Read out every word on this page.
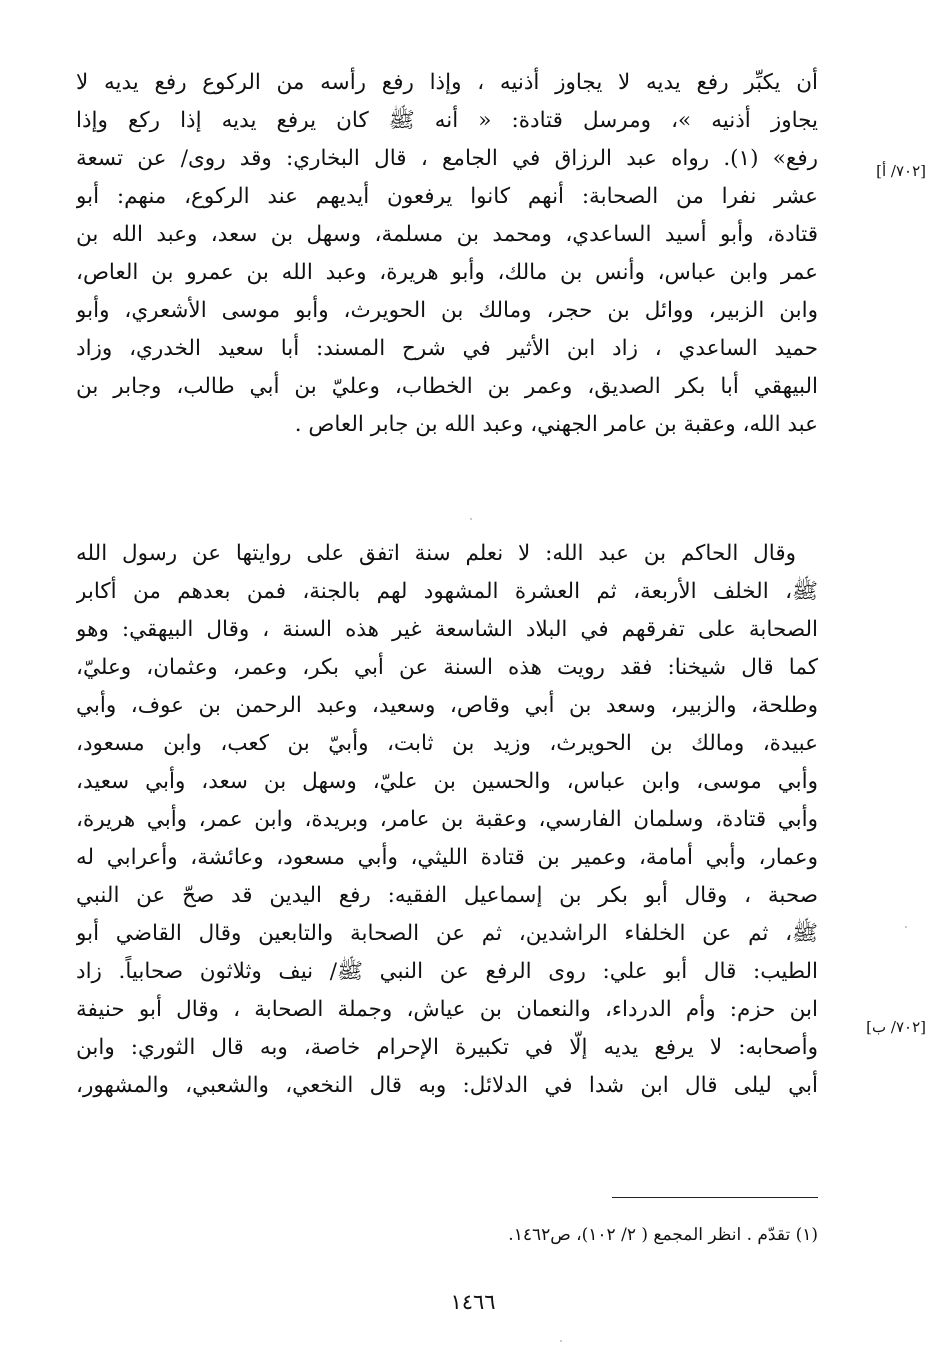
أن يكبِّر رفع يديه لا يجاوز أذنيه ، وإذا رفع رأسه من الركوع رفع يديه لا
يجاوز أذنيه »، ومرسل قتادة: « أنه ﷺ كان يرفع يديه إذا ركع وإذا
رفع» (١). رواه عبد الرزاق في الجامع ، قال البخاري: وقد روى/ عن تسعة
عشر نفرا من الصحابة: أنهم كانوا يرفعون أيديهم عند الركوع، منهم: أبو
قتادة، وأبو أسيد الساعدي، ومحمد بن مسلمة، وسهل بن سعد، وعبد الله بن
عمر وابن عباس، وأنس بن مالك، وأبو هريرة، وعبد الله بن عمرو بن العاص،
وابن الزبير، ووائل بن حجر، ومالك بن الحويرث، وأبو موسى الأشعري، وأبو
حميد الساعدي ، زاد ابن الأثير في شرح المسند: أبا سعيد الخدري، وزاد
البيهقي أبا بكر الصديق، وعمر بن الخطاب، وعليّ بن أبي طالب، وجابر بن
عبد الله، وعقبة بن عامر الجهني، وعبد الله بن جابر العاص .
[٧٠٢/ أ]
وقال الحاكم بن عبد الله: لا نعلم سنة اتفق على روايتها عن رسول الله
ﷺ، الخلف الأربعة، ثم العشرة المشهود لهم بالجنة، فمن بعدهم من أكابر
الصحابة على تفرقهم في البلاد الشاسعة غير هذه السنة ، وقال البيهقي: وهو
كما قال شيخنا: فقد رويت هذه السنة عن أبي بكر، وعمر، وعثمان، وعليّ،
وطلحة، والزبير، وسعد بن أبي وقاص، وسعيد، وعبد الرحمن بن عوف، وأبي
عبيدة، ومالك بن الحويرث، وزيد بن ثابت، وأبيّ بن كعب، وابن مسعود،
وأبي موسى، وابن عباس، والحسين بن عليّ، وسهل بن سعد، وأبي سعيد،
وأبي قتادة، وسلمان الفارسي، وعقبة بن عامر، وبريدة، وابن عمر، وأبي هريرة،
وعمار، وأبي أمامة، وعمير بن قتادة الليثي، وأبي مسعود، وعائشة، وأعرابي له
صحبة ، وقال أبو بكر بن إسماعيل الفقيه: رفع اليدين قد صحّ عن النبي
ﷺ، ثم عن الخلفاء الراشدين، ثم عن الصحابة والتابعين وقال القاضي أبو
الطيب: قال أبو علي: روى الرفع عن النبي ﷺ/ نيف وثلاثون صحابياً. زاد
ابن حزم: وأم الدرداء، والنعمان بن عياش، وجملة الصحابة ، وقال أبو حنيفة
وأصحابه: لا يرفع يديه إلّا في تكبيرة الإحرام خاصة، وبه قال الثوري: وابن
أبي ليلى قال ابن شدا في الدلائل: وبه قال النخعي، والشعبي، والمشهور،
[٧٠٢/ ب]
(١) تقدّم . انظر المجمع ( ٢/ ١٠٢)، ص١٤٦٢.
١٤٦٦
